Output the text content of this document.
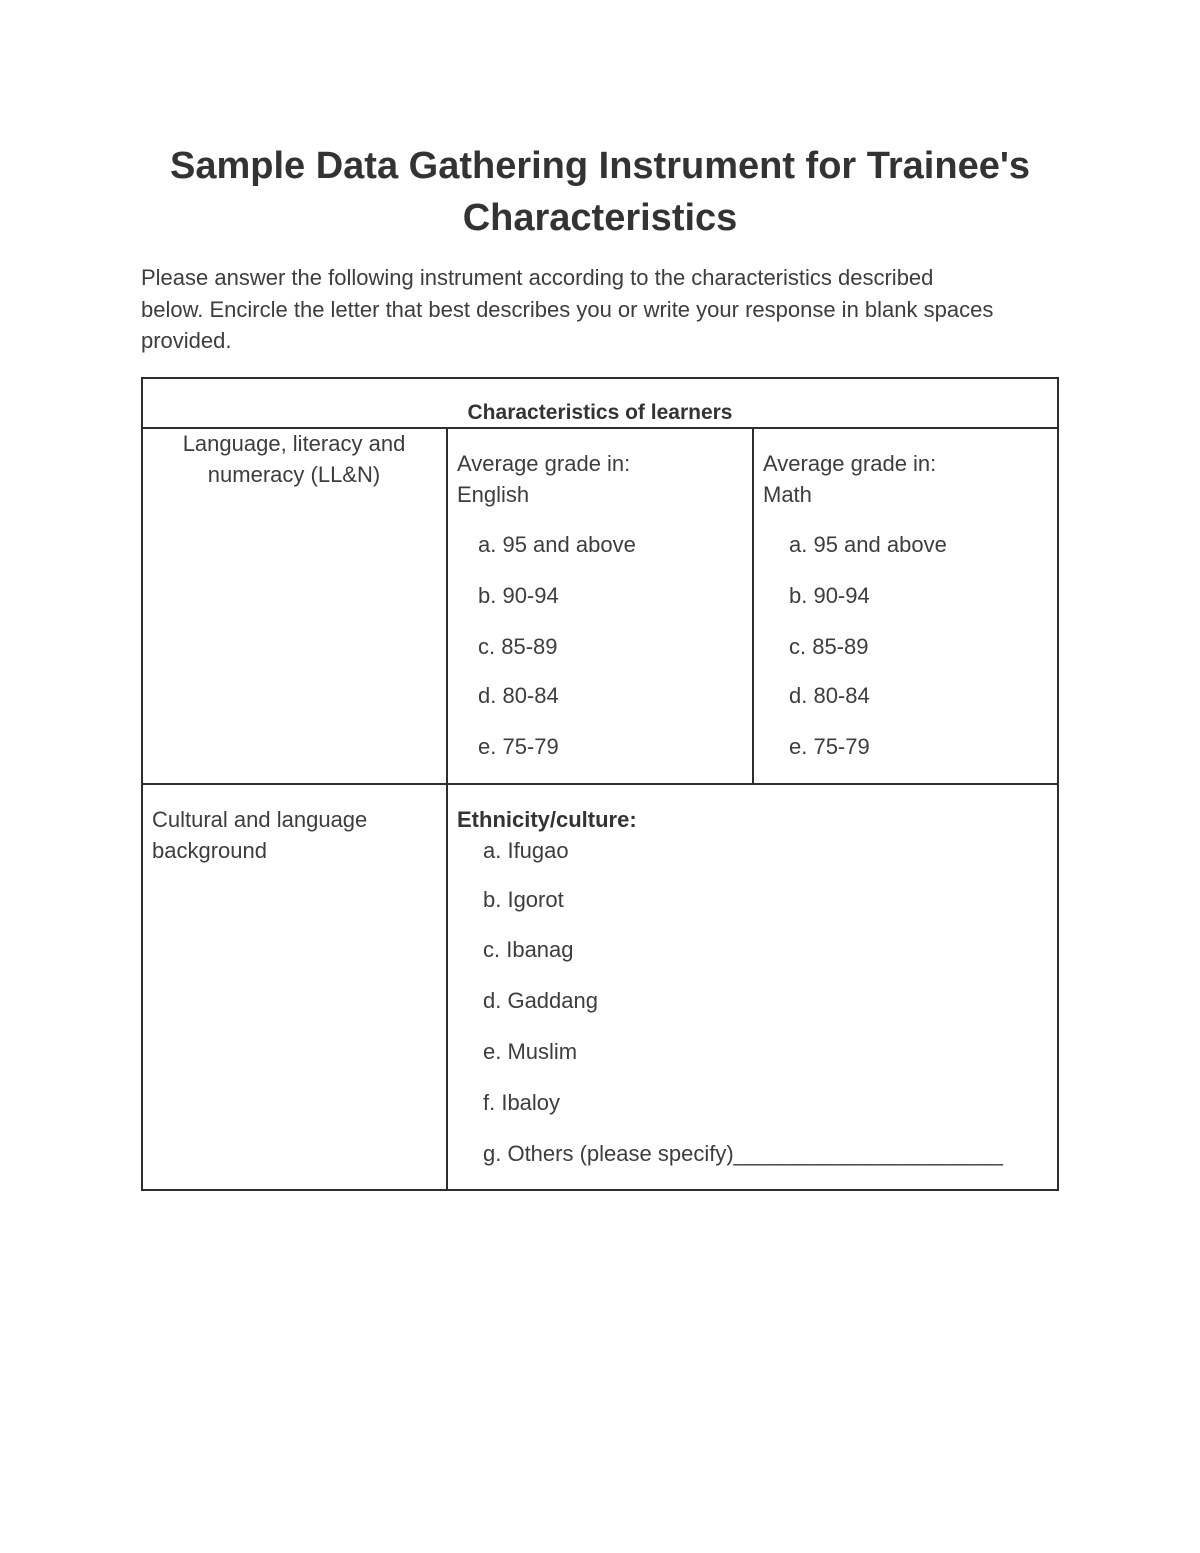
Sample Data Gathering Instrument for Trainee's
Characteristics

Please answer the following instrument according to the characteristics described
below. Encircle the letter that best describes you or write your response in blank spaces
provided.

Characteristics of learners
Language, literacy and
numeracy (LL&N)	Average grade in:
English
a. 95 and above
b. 90-94
c. 85-89
d. 80-84
e. 75-79
Average grade in:
Math
a. 95 and above
b. 90-94
c. 85-89
d. 80-84
e. 75-79
Cultural and language
background
Ethnicity/culture:
a. Ifugao
b. Igorot
c. Ibanag
d. Gaddang
e. Muslim
f. Ibaloy
g. Others (please specify)______________________
